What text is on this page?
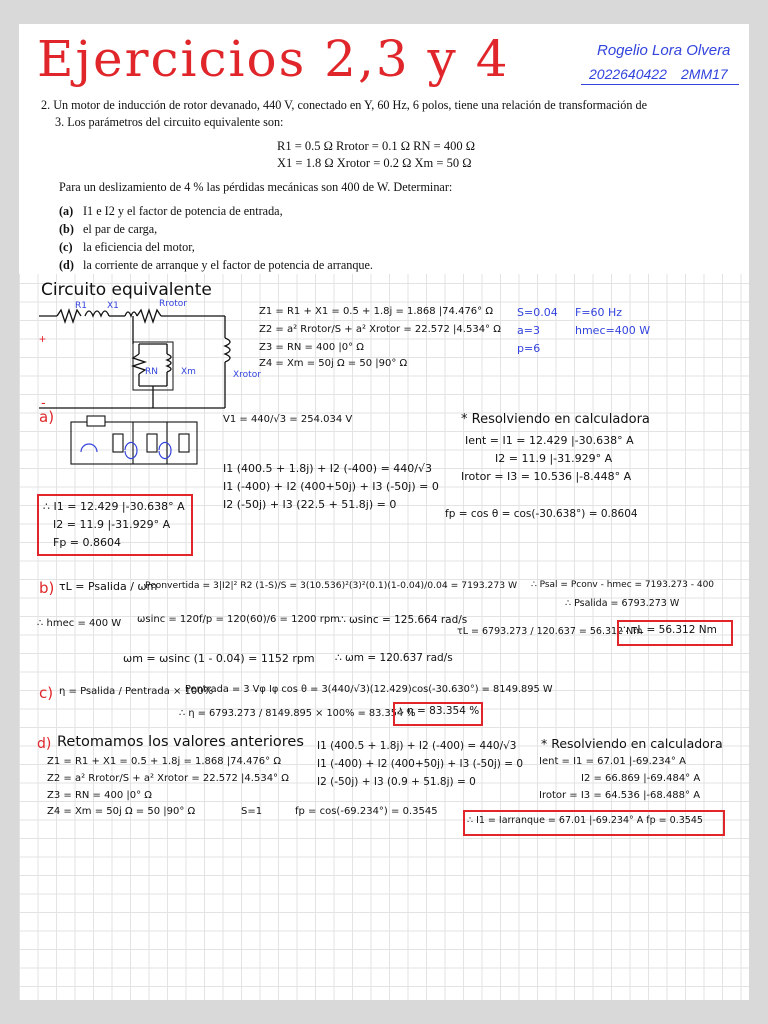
Ejercicios 2,3 y 4	Rogelio Lora Olvera
2022640422 2MM17
2. Un motor de inducción de rotor devanado, 440 V, conectado en Y, 60 Hz, 6 polos, tiene una relación de transformación de
3. Los parámetros del circuito equivalente son:
R1 = 0.5 Ω Rrotor = 0.1 Ω RN = 400 Ω
X1 = 1.8 Ω Xrotor = 0.2 Ω Xm = 50 Ω
Para un deslizamiento de 4 % las pérdidas mecánicas son 400 de W. Determinar:
(a) I1 e I2 y el factor de potencia de entrada,
(b) el par de carga,
(c) la eficiencia del motor,
(d) la corriente de arranque y el factor de potencia de arranque.
Circuito equivalente
R1 X1	Rrotor
RN	Xm	Xrotor
+
-
Z1 = R1 + X1 = 0.5 + 1.8j = 1.868 |74.476° Ω
Z2 = a² Rrotor/S + a² Xrotor = 22.572 |4.534° Ω
Z3 = RN = 400 |0° Ω
Z4 = Xm = 50j Ω = 50 |90° Ω
S=0.04
a=3
p=6
F=60 Hz
hmec=400 W
a)	V1 = 440/√3 = 254.034 V
I1 (400.5 + 1.8j) + I2 (-400) = 440/√3
I1 (-400) + I2 (400+50j) + I3 (-50j) = 0
I2 (-50j) + I3 (22.5 + 51.8j) = 0
* Resolviendo en calculadora
Ient = I1 = 12.429 |-30.638° A
I2 = 11.9 |-31.929° A
Irotor = I3 = 10.536 |-8.448° A
fp = cos θ = cos(-30.638°) = 0.8604
∴ I1 = 12.429 |-30.638° A
I2 = 11.9 |-31.929° A
Fp = 0.8604
b) τL = Psalida / ωm
Pconvertida = 3|I2|² R2 (1-S)/S = 3(10.536)²(3)²(0.1)(1-0.04)/0.04 = 7193.273 W ∴ Psal = Pconv - hmec = 7193.273 - 400
∴ Psalida = 6793.273 W
∴ hmec = 400 W ωsinc = 120f/p = 120(60)/6 = 1200 rpm ∴ ωsinc = 125.664 rad/s
τL = 6793.273 / 120.637 = 56.312 Nm
ωm = ωsinc (1 - 0.04) = 1152 rpm ∴ ωm = 120.637 rad/s
∴ τL = 56.312 Nm
c) η = Psalida / Pentrada × 100%
Pentrada = 3 Vφ Iφ cos θ = 3(440/√3)(12.429)cos(-30.630°) = 8149.895 W
∴ η = 6793.273 / 8149.895 × 100% = 83.354 %
∴ η = 83.354 %
d) Retomamos los valores anteriores
Z1 = R1 + X1 = 0.5 + 1.8j = 1.868 |74.476° Ω
Z2 = a² Rrotor/S + a² Xrotor = 22.572 |4.534° Ω
Z3 = RN = 400 |0° Ω
Z4 = Xm = 50j Ω = 50 |90° Ω	S=1	fp = cos(-69.234°) = 0.3545
I1 (400.5 + 1.8j) + I2 (-400) = 440/√3
I1 (-400) + I2 (400+50j) + I3 (-50j) = 0
I2 (-50j) + I3 (0.9 + 51.8j) = 0
* Resolviendo en calculadora
Ient = I1 = 67.01 |-69.234° A
I2 = 66.869 |-69.484° A
Irotor = I3 = 64.536 |-68.488° A
∴ I1 = Iarranque = 67.01 |-69.234° A fp = 0.3545
